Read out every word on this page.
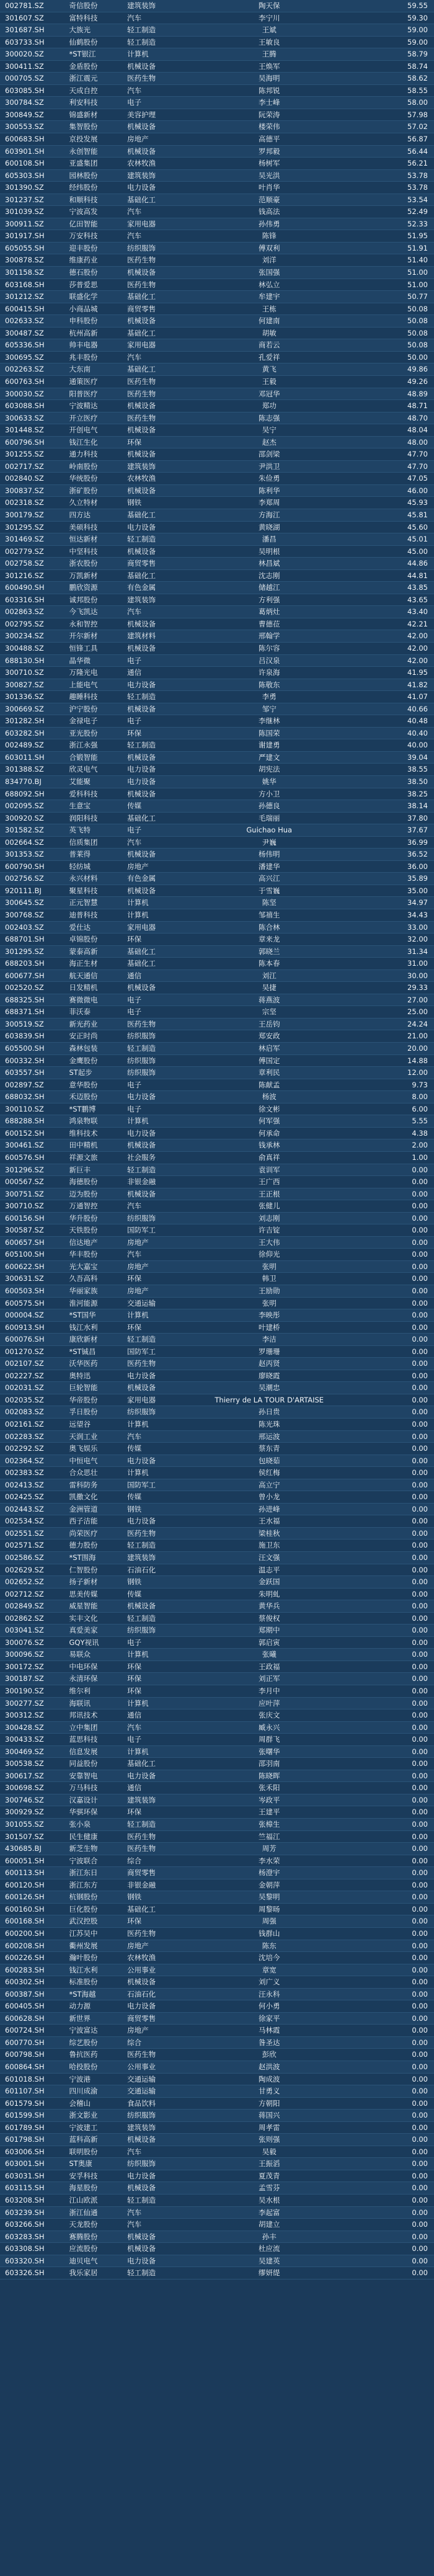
002781.SZ	奇信股份	建筑装饰	陶天保	59.55
301607.SZ	富特科技	汽车	李宁川	59.30
301687.SH	大族光	轻工制造	王斌	59.00
603733.SH	仙鹤股份	轻工制造	王敏良	59.00
300020.SZ	*ST银江	计算机	王腾	58.79
300411.SZ	金盾股份	机械设备	王焕军	58.74
000705.SZ	浙江震元	医药生物	吴海明	58.62
603085.SH	天成自控	汽车	陈邦锐	58.55
300784.SZ	利安科技	电子	李士峰	58.00
300849.SZ	锦盛新材	美容护理	阮荣涛	57.98
300553.SZ	集智股份	机械设备	楼荣伟	57.02
600683.SH	京投发展	房地产	高德平	56.87
603901.SH	永创智能	机械设备	罗邦毅	56.44
600108.SH	亚盛集团	农林牧渔	杨树军	56.21
605303.SH	园林股份	建筑装饰	吴光洪	53.78
301390.SZ	经纬股份	电力设备	叶肖华	53.78
301237.SZ	和顺科技	基础化工	范顺豪	53.54
301039.SZ	宁波高发	汽车	钱高法	52.49
300911.SZ	亿田智能	家用电器	孙伟勇	52.33
301917.SH	万安科技	汽车	陈锋	51.95
605055.SH	迎丰股份	纺织服饰	傅双利	51.91
300878.SZ	维康药业	医药生物	刘洋	51.40
301158.SZ	德石股份	机械设备	张国强	51.00
603168.SH	莎普爱思	医药生物	林弘立	51.00
301212.SZ	联盛化学	基础化工	牟建宇	50.77
600415.SH	小商品城	商贸零售	王栋	50.08
002633.SZ	申科股份	机械设备	何建南	50.08
300487.SZ	杭州高新	基础化工	胡敏	50.08
605336.SH	帅丰电器	家用电器	商若云	50.08
300695.SZ	兆丰股份	汽车	孔爱祥	50.00
002263.SZ	大东南	基础化工	黄飞	49.86
600763.SH	通策医疗	医药生物	王毅	49.26
300030.SZ	阳普医疗	医药生物	邓冠华	48.89
603088.SH	宁波精达	机械设备	郑功	48.71
300633.SZ	开立医疗	医药生物	陈志强	48.70
301448.SZ	开创电气	机械设备	吴宁	48.04
600796.SH	钱江生化	环保	赵杰	48.00
301255.SZ	通力科技	机械设备	邵剑梁	47.70
002717.SZ	岭南股份	建筑装饰	尹洪卫	47.70
002840.SZ	华统股份	农林牧渔	朱俭勇	47.05
300837.SZ	浙矿股份	机械设备	陈利华	46.00
002318.SZ	久立特材	钢铁	李郑周	45.93
300179.SZ	四方达	基础化工	方海江	45.81
301295.SZ	美硕科技	电力设备	黄晓湖	45.60
301469.SZ	恒达新材	轻工制造	潘昌	45.01
002779.SZ	中坚科技	机械设备	吴明根	45.00
002758.SZ	浙农股份	商贸零售	林昌斌	44.86
301216.SZ	万凯新材	基础化工	沈志刚	44.81
600490.SH	鹏欣资源	有色金属	储越江	43.85
603316.SH	诚邦股份	建筑装饰	方利强	43.65
002863.SZ	今飞凯达	汽车	葛炳灶	43.40
002795.SZ	永和智控	机械设备	曹德莅	42.21
300234.SZ	开尔新材	建筑材料	邢翰学	42.00
300488.SZ	恒锋工具	机械设备	陈尔容	42.00
688130.SH	晶华微	电子	吕汉泉	42.00
300710.SZ	万隆光电	通信	许泉海	41.95
300827.SZ	上能电气	电力设备	陈敬东	41.82
301336.SZ	趣睡科技	轻工制造	李勇	41.07
300669.SZ	沪宁股份	机械设备	邹宁	40.66
301282.SH	金禄电子	电子	李继林	40.48
603282.SH	亚光股份	环保	陈国荣	40.40
002489.SZ	浙江永强	轻工制造	谢建勇	40.00
603011.SH	合锻智能	机械设备	严建文	39.04
301388.SZ	欣灵电气	电力设备	胡宪法	38.55
834770.BJ	艾能聚	电力设备	姚华	38.50
688092.SH	爱科科技	机械设备	方小卫	38.25
002095.SZ	生意宝	传媒	孙德良	38.14
300920.SZ	润阳科技	基础化工	毛瑞丽	37.80
301582.SZ	英飞特	电子	Guichao Hua	37.67
002664.SZ	信质集团	汽车	尹巍	36.99
301353.SZ	普莱得	机械设备	杨伟明	36.52
600790.SH	轻纺城	房地产	潘建华	36.00
002756.SZ	永兴材料	有色金属	高兴江	35.89
920111.BJ	聚星科技	机械设备	于雪巍	35.00
300645.SZ	正元智慧	计算机	陈坚	34.97
300768.SZ	迪普科技	计算机	邹禧生	34.43
002403.SZ	爱仕达	家用电器	陈合林	33.00
688701.SH	卓锦股份	环保	章来龙	32.00
301295.SZ	蒙泰高新	基础化工	郭晓兰	31.34
688203.SH	海正生材	基础化工	陈本春	31.00
600677.SH	航天通信	通信	刘江	30.00
002520.SZ	日发精机	机械设备	吴捷	29.33
688325.SH	赛微微电	电子	蒋燕波	27.00
688371.SH	菲沃泰	电子	宗坚	25.00
300519.SZ	新光药业	医药生物	王岳钧	24.24
603839.SH	安正时尚	纺织服饰	郑安政	21.00
605500.SH	森林包装	轻工制造	林启军	20.00
600332.SH	金鹰股份	纺织服饰	傅国定	14.88
603557.SH	ST起步	纺织服饰	章利民	12.00
002897.SZ	意华股份	电子	陈献孟	9.73
688032.SH	禾迈股份	电力设备	杨波	8.00
300110.SZ	*ST鹏博	电子	徐文彬	6.00
688288.SH	鸿泉物联	计算机	何军强	5.55
600152.SH	维科技术	电力设备	何承命	4.38
300461.SZ	田中精机	机械设备	钱承林	2.00
600576.SH	祥源文旅	社会服务	俞真祥	1.00
301296.SZ	新巨丰	轻工制造	袁训军	0.00
000567.SZ	海德股份	非银金融	王广西	0.00
300751.SZ	迈为股份	机械设备	王正根	0.00
300710.SZ	万通智控	汽车	张健儿	0.00
600156.SH	华升股份	纺织服饰	刘志刚	0.00
300587.SZ	天铁股份	国防军工	许吉锭	0.00
600657.SH	信达地产	房地产	王大伟	0.00
605100.SH	华丰股份	汽车	徐仰光	0.00
600622.SH	光大嘉宝	房地产	张明	0.00
300631.SZ	久吾高科	环保	韩卫	0.00
600503.SH	华丽家族	房地产	王励勋	0.00
600575.SH	淮河能源	交通运输	张明	0.00
000004.SZ	*ST国华	计算机	李映彤	0.00
600913.SH	钱江水利	环保	叶建桥	0.00
600076.SH	康欣新材	轻工制造	李洁	0.00
001270.SZ	*ST铖昌	国防军工	罗珊珊	0.00
002107.SZ	沃华医药	医药生物	赵丙贤	0.00
002227.SZ	奥特迅	电力设备	廖晓霞	0.00
002031.SZ	巨轮智能	机械设备	吴潮忠	0.00
002035.SZ	华帝股份	家用电器	Thierry de LA TOUR D'ARTAISE	0.00
002083.SZ	孚日股份	纺织服饰	孙日贵	0.00
002161.SZ	远望谷	计算机	陈光珠	0.00
002283.SZ	天润工业	汽车	邢运波	0.00
002292.SZ	奥飞娱乐	传媒	蔡东青	0.00
002364.SZ	中恒电气	电力设备	包晓茹	0.00
002383.SZ	合众思壮	计算机	侯红梅	0.00
002413.SZ	雷科防务	国防军工	高立宁	0.00
002425.SZ	凯撒文化	传媒	曾小龙	0.00
002443.SZ	金洲管道	钢铁	孙进峰	0.00
002534.SZ	西子洁能	电力设备	王水福	0.00
002551.SZ	尚荣医疗	医药生物	梁桂秋	0.00
002571.SZ	德力股份	轻工制造	施卫东	0.00
002586.SZ	*ST围海	建筑装饰	汪文强	0.00
002629.SZ	仁智股份	石油石化	温志平	0.00
002652.SZ	扬子新材	钢铁	金跃国	0.00
002712.SZ	思美传媒	传媒	朱明虬	0.00
002849.SZ	威星智能	机械设备	黄华兵	0.00
002862.SZ	实丰文化	轻工制造	蔡俊权	0.00
003041.SZ	真爱美家	纺织服饰	郑期中	0.00
300076.SZ	GQY视讯	电子	郭启寅	0.00
300096.SZ	易联众	计算机	张曦	0.00
300172.SZ	中电环保	环保	王政福	0.00
300187.SZ	永清环保	环保	刘正军	0.00
300190.SZ	维尔利	环保	李月中	0.00
300277.SZ	海联讯	计算机	应叶萍	0.00
300312.SZ	邦讯技术	通信	张庆文	0.00
300428.SZ	立中集团	汽车	臧永兴	0.00
300433.SZ	蓝思科技	电子	周群飞	0.00
300469.SZ	信息发展	计算机	张曙华	0.00
300538.SZ	同益股份	基础化工	邵羽南	0.00
300617.SZ	安靠智电	电力设备	陈晓晖	0.00
300698.SZ	万马科技	通信	张禾阳	0.00
300746.SZ	汉嘉设计	建筑装饰	岑政平	0.00
300929.SZ	华骐环保	环保	王建平	0.00
301055.SZ	张小泉	轻工制造	张樟生	0.00
301507.SZ	民生健康	医药生物	竺福江	0.00
430685.BJ	新芝生物	医药生物	周芳	0.00
600051.SH	宁波联合	综合	李水荣	0.00
600113.SH	浙江东日	商贸零售	杨澄宇	0.00
600120.SH	浙江东方	非银金融	金朝萍	0.00
600126.SH	杭钢股份	钢铁	吴黎明	0.00
600160.SH	巨化股份	基础化工	周黎旸	0.00
600168.SH	武汉控股	环保	周强	0.00
600200.SH	江苏吴中	医药生物	钱群山	0.00
600208.SH	衢州发展	房地产	陈东	0.00
600226.SH	瀚叶股份	农林牧渔	沈培今	0.00
600283.SH	钱江水利	公用事业	章宽	0.00
600302.SH	标准股份	机械设备	刘广义	0.00
600387.SH	*ST海越	石油石化	汪永科	0.00
600405.SH	动力源	电力设备	何小勇	0.00
600628.SH	新世界	商贸零售	徐家平	0.00
600724.SH	宁波富达	房地产	马林霞	0.00
600770.SH	综艺股份	综合	昝圣达	0.00
600798.SH	鲁抗医药	医药生物	彭欣	0.00
600864.SH	哈投股份	公用事业	赵洪波	0.00
601018.SH	宁波港	交通运输	陶成波	0.00
601107.SH	四川成渝	交通运输	甘勇义	0.00
601579.SH	会稽山	食品饮料	方朝阳	0.00
601599.SH	浙文影业	纺织服饰	蒋国兴	0.00
601789.SH	宁波建工	建筑装饰	周孝雷	0.00
601798.SH	蓝科高新	机械设备	张则强	0.00
603006.SH	联明股份	汽车	吴毅	0.00
603001.SH	ST奥康	纺织服饰	王振滔	0.00
603031.SH	安孚科技	电力设备	夏茂青	0.00
603115.SH	海星股份	机械设备	孟雪芬	0.00
603208.SH	江山欧派	轻工制造	吴水根	0.00
603239.SH	浙江仙通	汽车	李起富	0.00
603266.SH	天龙股份	汽车	胡建立	0.00
603283.SH	赛腾股份	机械设备	孙丰	0.00
603308.SH	应流股份	机械设备	杜应流	0.00
603320.SH	迪贝电气	电力设备	吴建英	0.00
603326.SH	我乐家居	轻工制造	缪妍缇	0.00
